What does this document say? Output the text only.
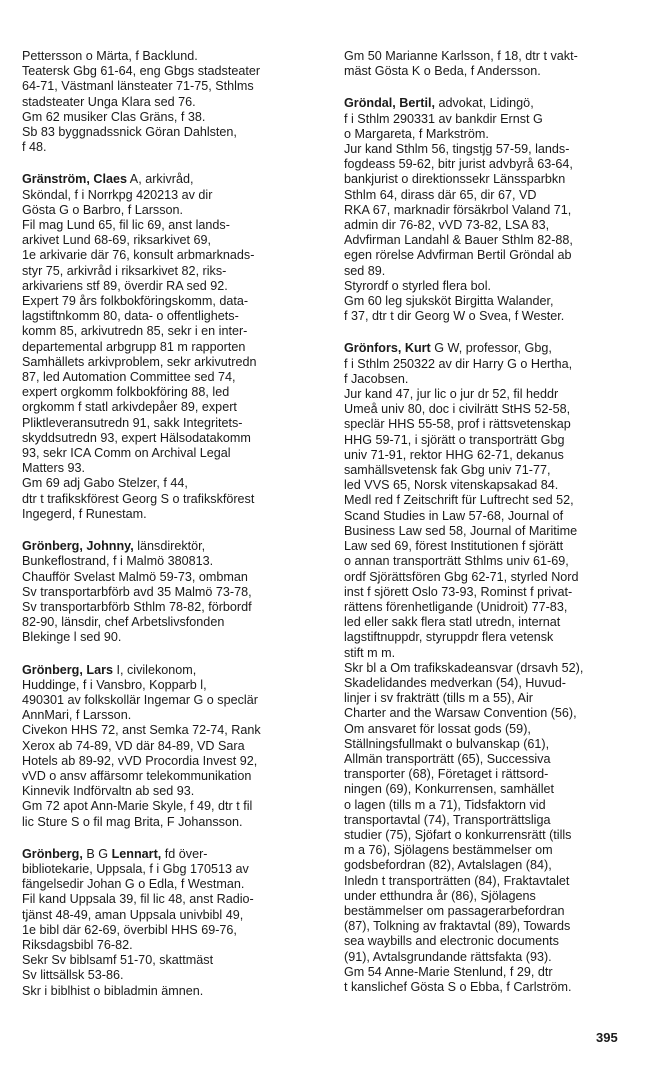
Pettersson o Märta, f Backlund.
Teatersk Gbg 61-64, eng Gbgs stadsteater
64-71, Västmanl länsteater 71-75, Sthlms
stadsteater Unga Klara sed 76.
Gm 62 musiker Clas Gräns, f 38.
Sb 83 byggnadssnick Göran Dahlsten,
f 48.

Gränström, Claes A, arkivråd,
Sköndal, f i Norrkpg 420213 av dir
Gösta G o Barbro, f Larsson.
Fil mag Lund 65, fil lic 69, anst lands-
arkivet Lund 68-69, riksarkivet 69,
1e arkivarie där 76, konsult arbmarknads-
styr 75, arkivråd i riksarkivet 82, riks-
arkivariens stf 89, överdir RA sed 92.
Expert 79 års folkbokföringskomm, data-
lagstiftnkomm 80, data- o offentlighets-
komm 85, arkivutredn 85, sekr i en inter-
departemental arbgrupp 81 m rapporten
Samhällets arkivproblem, sekr arkivutredn
87, led Automation Committee sed 74,
expert orgkomm folkbokföring 88, led
orgkomm f statl arkivdepåer 89, expert
Pliktleveransutredn 91, sakk Integritets-
skyddsutredn 93, expert Hälsodatakomm
93, sekr ICA Comm on Archival Legal
Matters 93.
Gm 69 adj Gabo Stelzer, f 44,
dtr t trafikskförest Georg S o trafikskförest
Ingegerd, f Runestam.

Grönberg, Johnny, länsdirektör,
Bunkeflostrand, f i Malmö 380813.
Chaufför Svelast Malmö 59-73, ombman
Sv transportarbförb avd 35 Malmö 73-78,
Sv transportarbförb Sthlm 78-82, förbordf
82-90, länsdir, chef Arbetslivsfonden
Blekinge l sed 90.

Grönberg, Lars I, civilekonom,
Huddinge, f i Vansbro, Kopparb l,
490301 av folkskollär Ingemar G o speclär
AnnMari, f Larsson.
Civekon HHS 72, anst Semka 72-74, Rank
Xerox ab 74-89, VD där 84-89, VD Sara
Hotels ab 89-92, vVD Procordia Invest 92,
vVD o ansv affärsomr telekommunikation
Kinnevik Indförvaltn ab sed 93.
Gm 72 apot Ann-Marie Skyle, f 49, dtr t fil
lic Sture S o fil mag Brita, F Johansson.

Grönberg, B G Lennart, fd över-
bibliotekarie, Uppsala, f i Gbg 170513 av
fängelsedir Johan G o Edla, f Westman.
Fil kand Uppsala 39, fil lic 48, anst Radio-
tjänst 48-49, aman Uppsala univbibl 49,
1e bibl där 62-69, överbibl HHS 69-76,
Riksdagsbibl 76-82.
Sekr Sv biblsamf 51-70, skattmäst
Sv littsällsk 53-86.
Skr i biblhist o bibladmin ämnen.

Gm 50 Marianne Karlsson, f 18, dtr t vakt-
mäst Gösta K o Beda, f Andersson.

Gröndal, Bertil, advokat, Lidingö,
f i Sthlm 290331 av bankdir Ernst G
o Margareta, f Markström.
Jur kand Sthlm 56, tingstjg 57-59, lands-
fogdeass 59-62, bitr jurist advbyrå 63-64,
bankjurist o direktionssekr Länssparbkn
Sthlm 64, dirass där 65, dir 67, VD
RKA 67, marknadir försäkrbol Valand 71,
admin dir 76-82, vVD 73-82, LSA 83,
Advfirman Landahl & Bauer Sthlm 82-88,
egen rörelse Advfirman Bertil Gröndal ab
sed 89.
Styrordf o styrled flera bol.
Gm 60 leg sjuksköt Birgitta Walander,
f 37, dtr t dir Georg W o Svea, f Wester.

Grönfors, Kurt G W, professor, Gbg,
f i Sthlm 250322 av dir Harry G o Hertha,
f Jacobsen.
Jur kand 47, jur lic o jur dr 52, fil heddr
Umeå univ 80, doc i civilrätt StHS 52-58,
speclär HHS 55-58, prof i rättsvetenskap
HHG 59-71, i sjörätt o transporträtt Gbg
univ 71-91, rektor HHG 62-71, dekanus
samhällsvetensk fak Gbg univ 71-77,
led VVS 65, Norsk vitenskapsakad 84.
Medl red f Zeitschrift für Luftrecht sed 52,
Scand Studies in Law 57-68, Journal of
Business Law sed 58, Journal of Maritime
Law sed 69, förest Institutionen f sjörätt
o annan transporträtt Sthlms univ 61-69,
ordf Sjörättsfören Gbg 62-71, styrled Nord
inst f sjörett Oslo 73-93, Rominst f privat-
rättens förenhetligande (Unidroit) 77-83,
led eller sakk flera statl utredn, internat
lagstiftnuppdr, styruppdr flera vetensk
stift m m.
Skr bl a Om trafikskadeansvar (drsavh 52),
Skadelidandes medverkan (54), Huvud-
linjer i sv frakträtt (tills m a 55), Air
Charter and the Warsaw Convention (56),
Om ansvaret för lossat gods (59),
Ställningsfullmakt o bulvanskap (61),
Allmän transporträtt (65), Successiva
transporter (68), Företaget i rättsord-
ningen (69), Konkurrensen, samhället
o lagen (tills m a 71), Tidsfaktorn vid
transportavtal (74), Transporträttsliga
studier (75), Sjöfart o konkurrensrätt (tills
m a 76), Sjölagens bestämmelser om
godsbefordran (82), Avtalslagen (84),
Inledn t transporträtten (84), Fraktavtalet
under etthundra år (86), Sjölagens
bestämmelser om passagerarbefordran
(87), Tolkning av fraktavtal (89), Towards
sea waybills and electronic documents
(91), Avtalsgrundande rättsfakta (93).
Gm 54 Anne-Marie Stenlund, f 29, dtr
t kanslichef Gösta S o Ebba, f Carlström.

395
